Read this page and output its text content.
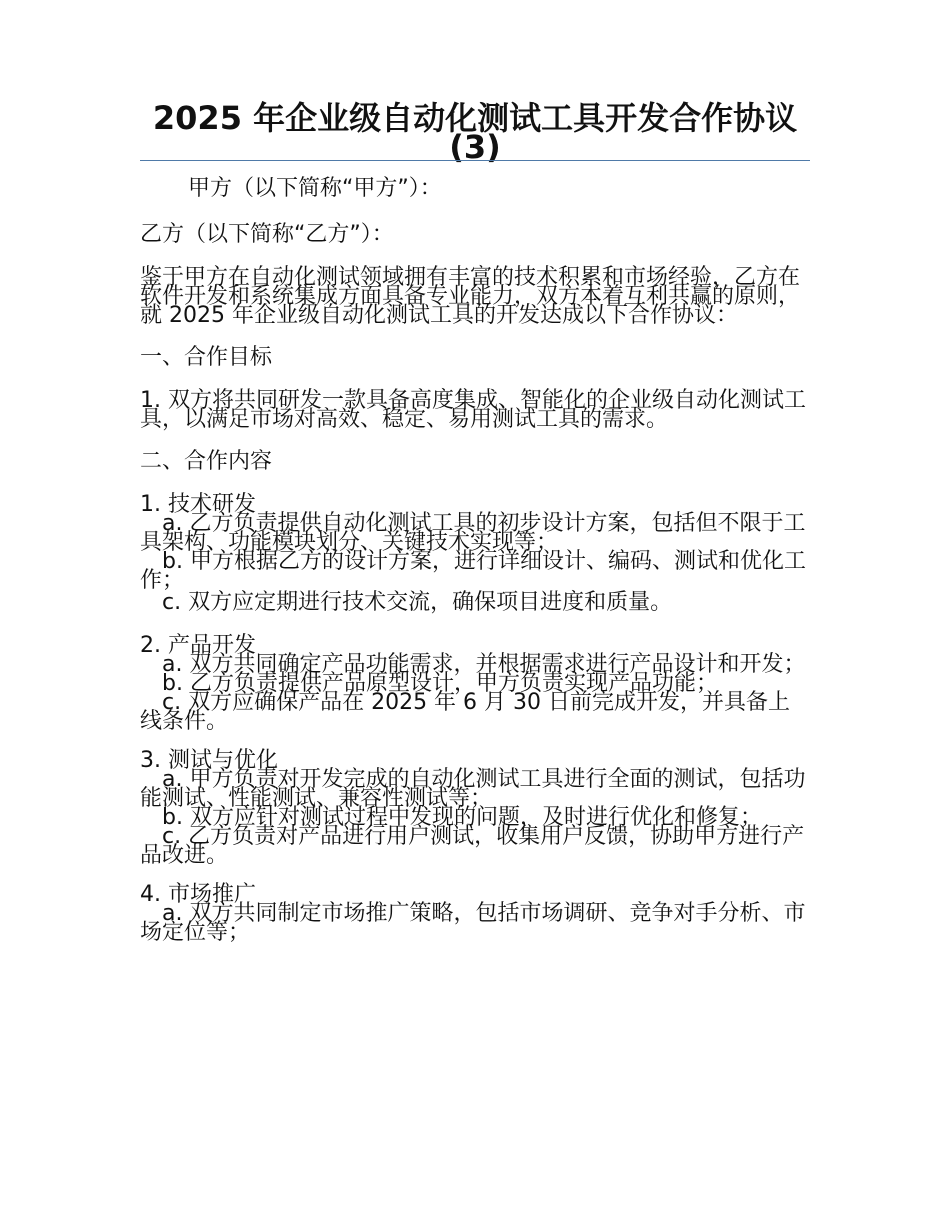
2025 年企业级自动化测试工具开发合作协议(3)

甲方（以下简称“甲方”）：

乙方（以下简称“乙方”）：

鉴于甲方在自动化测试领域拥有丰富的技术积累和市场经验，乙方在软件开发和系统集成方面具备专业能力，双方本着互利共赢的原则，就 2025 年企业级自动化测试工具的开发达成以下合作协议：

一、合作目标

1. 双方将共同研发一款具备高度集成、智能化的企业级自动化测试工具，以满足市场对高效、稳定、易用测试工具的需求。

二、合作内容

1. 技术研发

a. 乙方负责提供自动化测试工具的初步设计方案，包括但不限于工具架构、功能模块划分、关键技术实现等；

b. 甲方根据乙方的设计方案，进行详细设计、编码、测试和优化工作；

c. 双方应定期进行技术交流，确保项目进度和质量。

2. 产品开发

a. 双方共同确定产品功能需求，并根据需求进行产品设计和开发；

b. 乙方负责提供产品原型设计，甲方负责实现产品功能；

c. 双方应确保产品在 2025 年 6 月 30 日前完成开发，并具备上线条件。

3. 测试与优化

a. 甲方负责对开发完成的自动化测试工具进行全面的测试，包括功能测试、性能测试、兼容性测试等；

b. 双方应针对测试过程中发现的问题，及时进行优化和修复；

c. 乙方负责对产品进行用户测试，收集用户反馈，协助甲方进行产品改进。

4. 市场推广

a. 双方共同制定市场推广策略，包括市场调研、竞争对手分析、市场定位等；
